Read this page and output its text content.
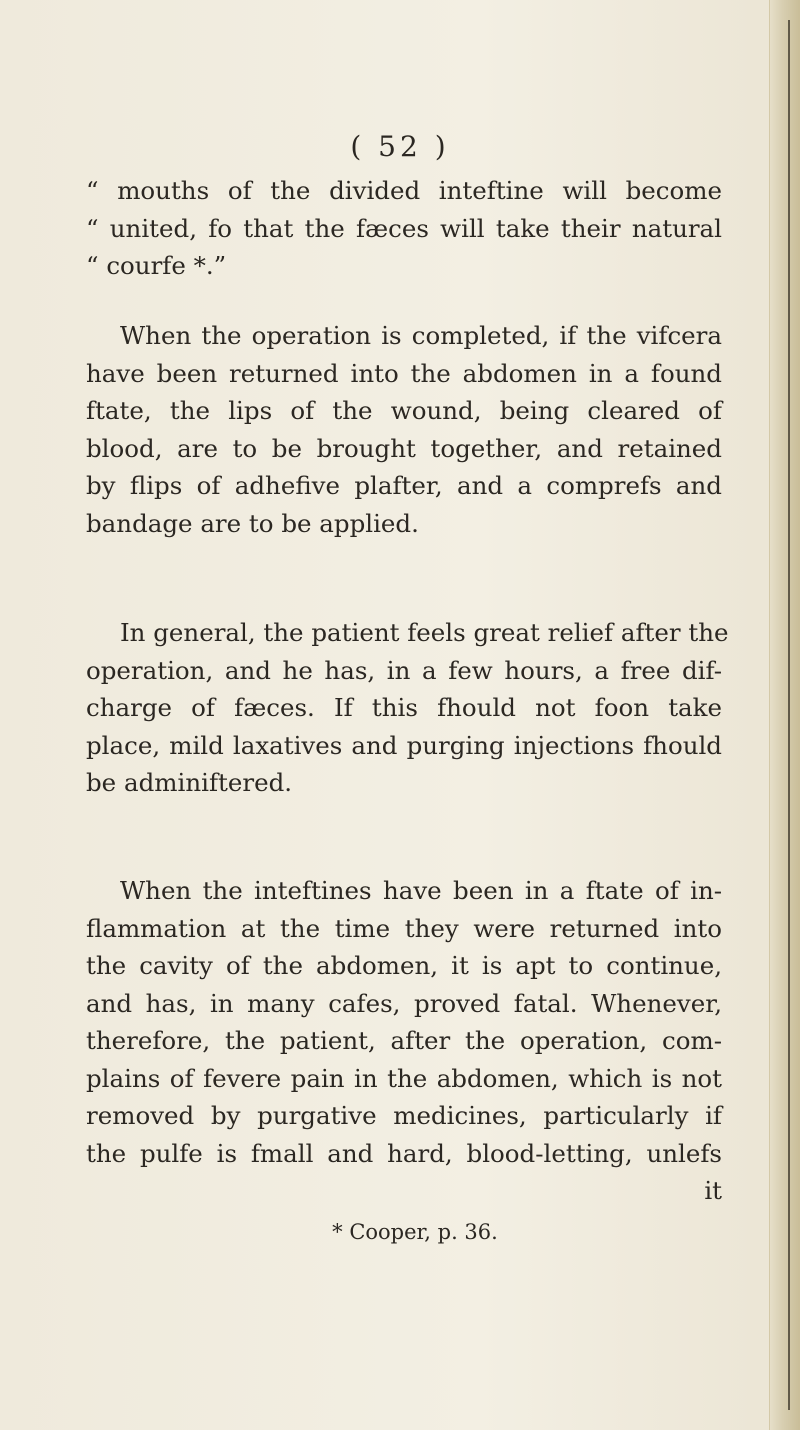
( 52 )
“ mouths of the divided inteftine will become
“ united, fo that the fæces will take their natural
“ courfe *.”
When the operation is completed, if the vifcera
have been returned into the abdomen in a found
ftate, the lips of the wound, being cleared of
blood, are to be brought together, and retained
by flips of adhefive plafter, and a comprefs and
bandage are to be applied.
In general, the patient feels great relief after the
operation, and he has, in a few hours, a free dif-
charge of fæces. If this fhould not foon take
place, mild laxatives and purging injections fhould
be adminiftered.
When the inteftines have been in a ftate of in-
flammation at the time they were returned into
the cavity of the abdomen, it is apt to continue,
and has, in many cafes, proved fatal. Whenever,
therefore, the patient, after the operation, com-
plains of fevere pain in the abdomen, which is not
removed by purgative medicines, particularly if
the pulfe is fmall and hard, blood-letting, unlefs
it
* Cooper, p. 36.
